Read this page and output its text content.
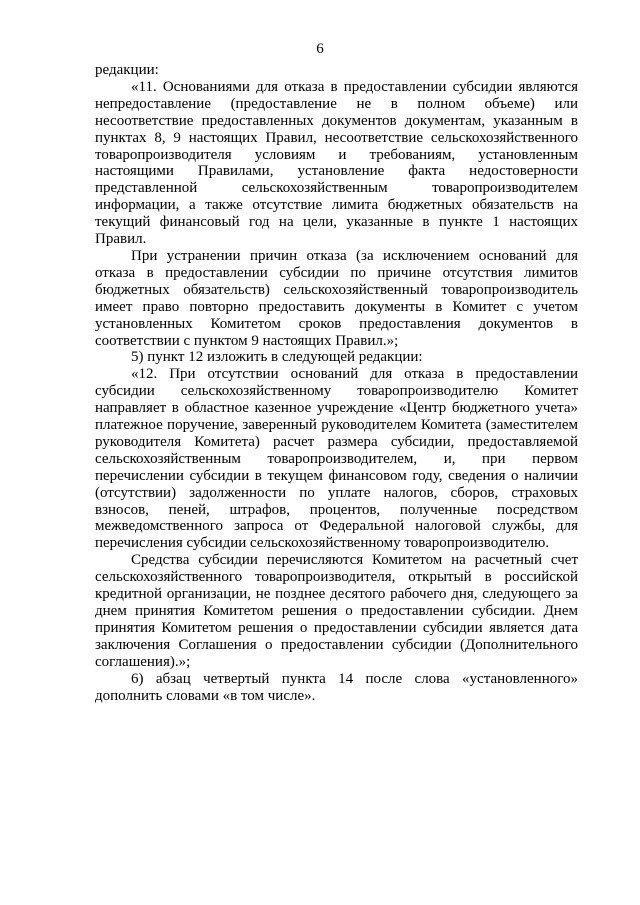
6

редакции:

«11. Основаниями для отказа в предоставлении субсидии являются непредоставление (предоставление не в полном объеме) или несоответствие предоставленных документов документам, указанным в пунктах 8, 9 настоящих Правил, несоответствие сельскохозяйственного товаропроизводителя условиям и требованиям, установленным настоящими Правилами, установление факта недостоверности представленной сельскохозяйственным товаропроизводителем информации, а также отсутствие лимита бюджетных обязательств на текущий финансовый год на цели, указанные в пункте 1 настоящих Правил.

При устранении причин отказа (за исключением оснований для отказа в предоставлении субсидии по причине отсутствия лимитов бюджетных обязательств) сельскохозяйственный товаропроизводитель имеет право повторно предоставить документы в Комитет с учетом установленных Комитетом сроков предоставления документов в соответствии с пунктом 9 настоящих Правил.»;

5) пункт 12 изложить в следующей редакции:

«12. При отсутствии оснований для отказа в предоставлении субсидии сельскохозяйственному товаропроизводителю Комитет направляет в областное казенное учреждение «Центр бюджетного учета» платежное поручение, заверенный руководителем Комитета (заместителем руководителя Комитета) расчет размера субсидии, предоставляемой сельскохозяйственным товаропроизводителем, и, при первом перечислении субсидии в текущем финансовом году, сведения о наличии (отсутствии) задолженности по уплате налогов, сборов, страховых взносов, пеней, штрафов, процентов, полученные посредством межведомственного запроса от Федеральной налоговой службы, для перечисления субсидии сельскохозяйственному товаропроизводителю.

Средства субсидии перечисляются Комитетом на расчетный счет сельскохозяйственного товаропроизводителя, открытый в российской кредитной организации, не позднее десятого рабочего дня, следующего за днем принятия Комитетом решения о предоставлении субсидии. Днем принятия Комитетом решения о предоставлении субсидии является дата заключения Соглашения о предоставлении субсидии (Дополнительного соглашения).»;

6) абзац четвертый пункта 14 после слова «установленного» дополнить словами «в том числе».
